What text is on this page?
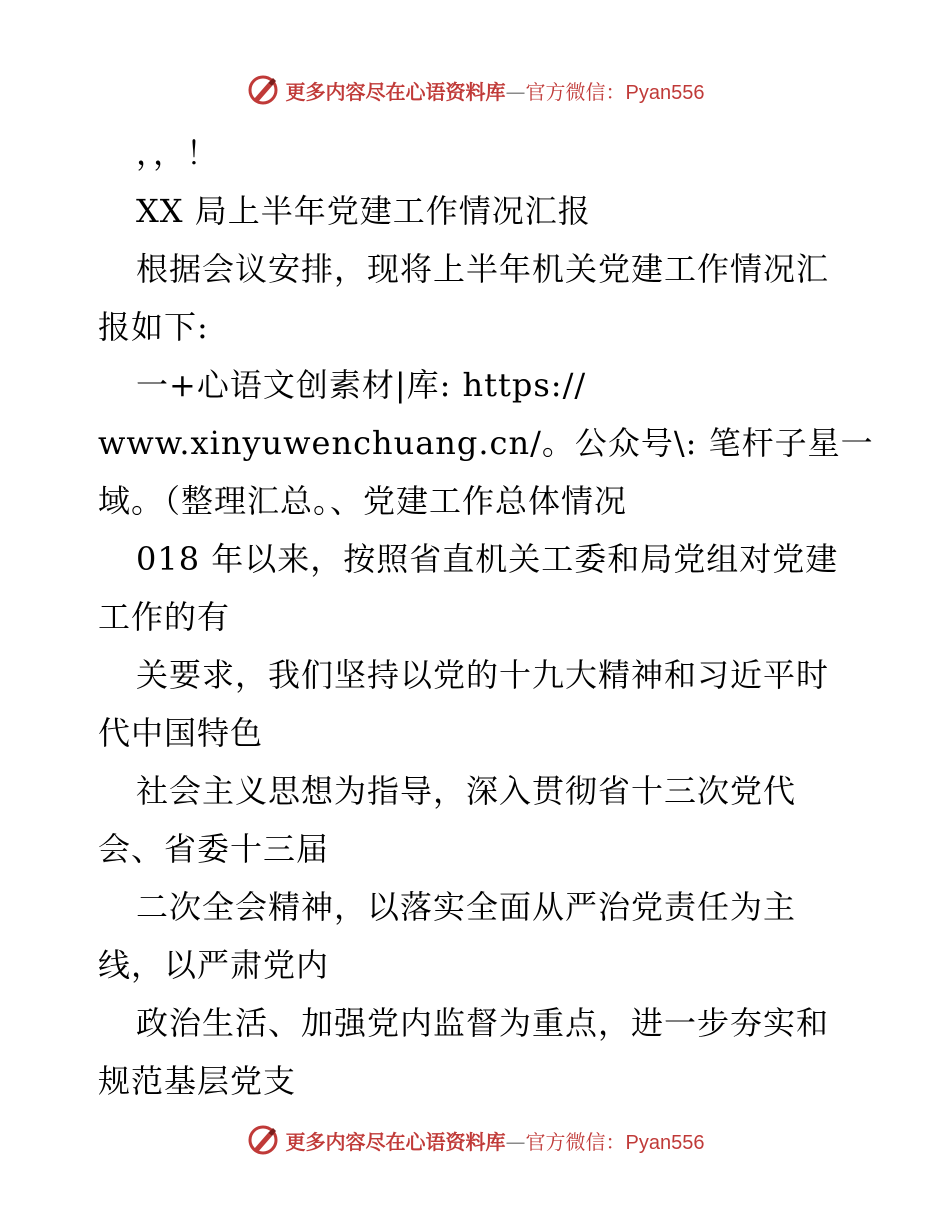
更多内容尽在心语资料库—官方微信：Pyan556
，，！
XX 局上半年党建工作情况汇报
根据会议安排，现将上半年机关党建工作情况汇
报如下:
一+心语文创素材|库: https://
www.xinyuwenchuang.cn/。公众号\: 笔杆子星一
域。（整理汇总。、党建工作总体情况
018 年以来，按照省直机关工委和局党组对党建
工作的有
关要求，我们坚持以党的十九大精神和习近平时
代中国特色
社会主义思想为指导，深入贯彻省十三次党代
会、省委十三届
二次全会精神，以落实全面从严治党责任为主
线，以严肃党内
政治生活、加强党内监督为重点，进一步夯实和
规范基层党支
更多内容尽在心语资料库—官方微信：Pyan556
